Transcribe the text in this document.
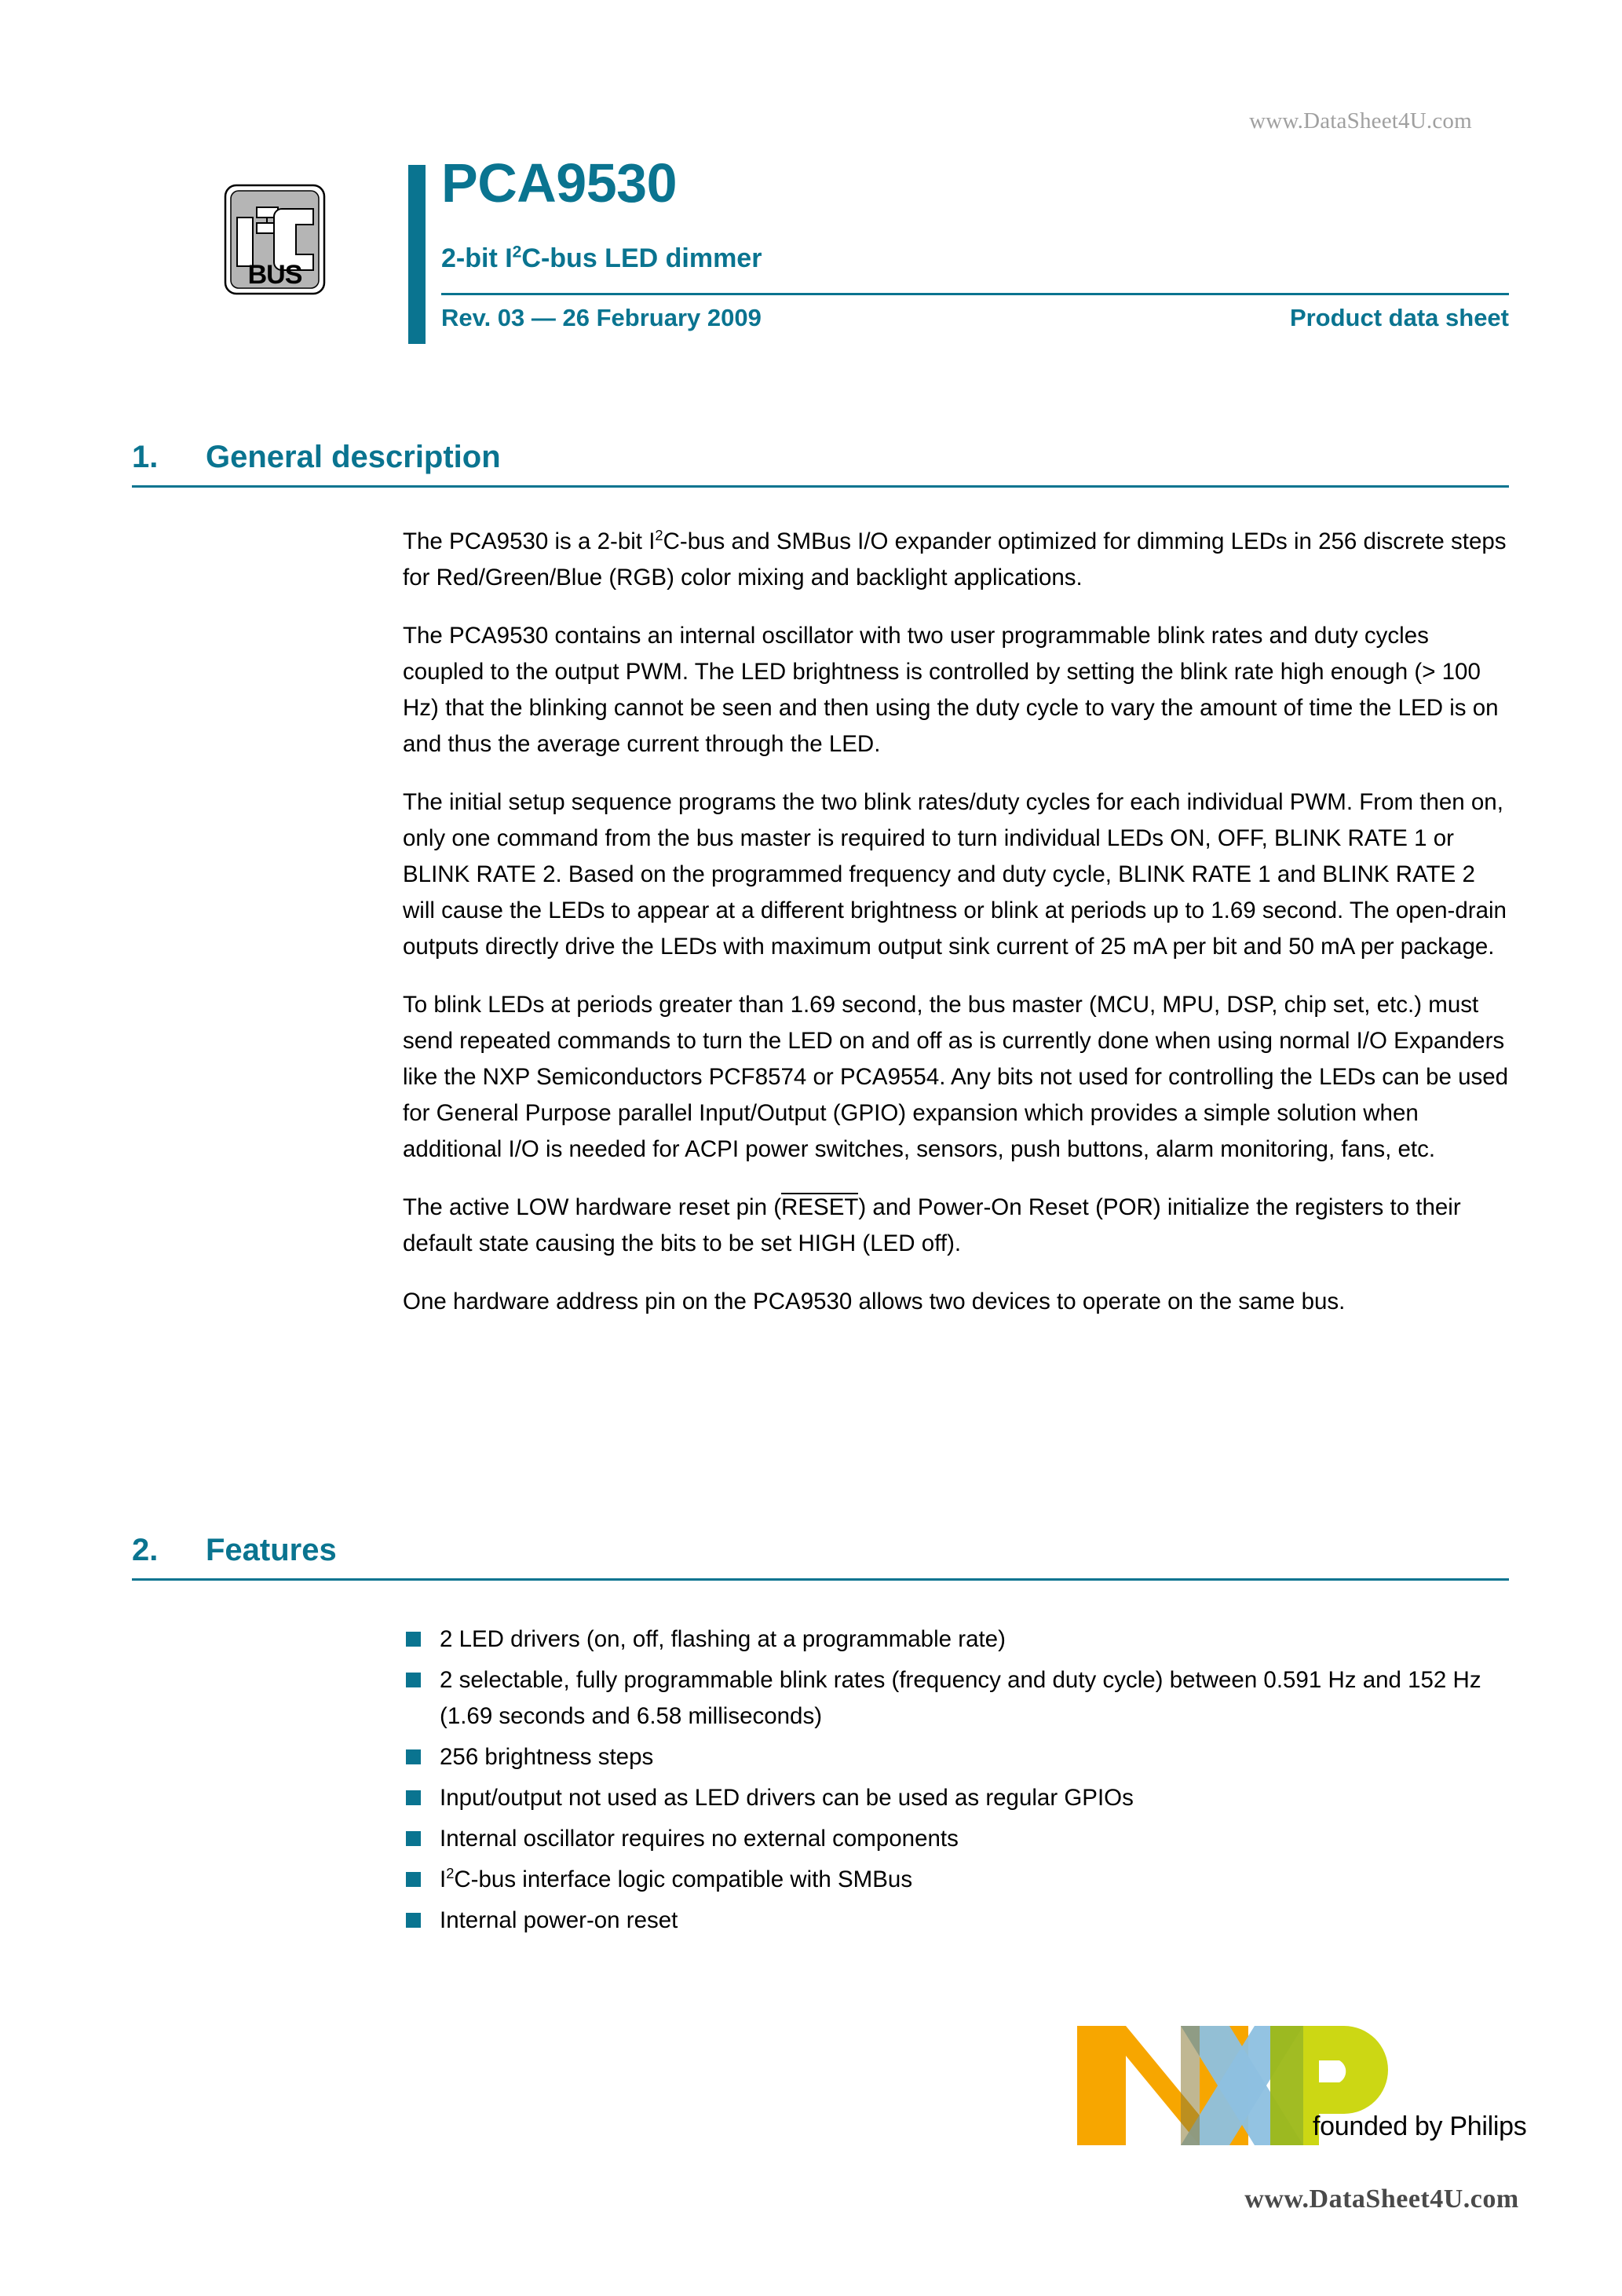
www.DataSheet4U.com
BUS
PCA9530
2-bit $I^2C$-bus LED dimmer
Rev. 03 — 26 February 2009	Product data sheet
1. General description

The PCA9530 is a 2-bit $I^2C$-bus and SMBus I/O expander optimized for dimming LEDs in 256 discrete steps for Red/Green/Blue (RGB) color mixing and backlight applications.

The PCA9530 contains an internal oscillator with two user programmable blink rates and duty cycles coupled to the output PWM. The LED brightness is controlled by setting the blink rate high enough (> 100 Hz) that the blinking cannot be seen and then using the duty cycle to vary the amount of time the LED is on and thus the average current through the LED.

The initial setup sequence programs the two blink rates/duty cycles for each individual PWM. From then on, only one command from the bus master is required to turn individual LEDs ON, OFF, BLINK RATE 1 or BLINK RATE 2. Based on the programmed frequency and duty cycle, BLINK RATE 1 and BLINK RATE 2 will cause the LEDs to appear at a different brightness or blink at periods up to 1.69 second. The open-drain outputs directly drive the LEDs with maximum output sink current of 25 mA per bit and 50 mA per package.

To blink LEDs at periods greater than 1.69 second, the bus master (MCU, MPU, DSP, chip set, etc.) must send repeated commands to turn the LED on and off as is currently done when using normal I/O Expanders like the NXP Semiconductors PCF8574 or PCA9554. Any bits not used for controlling the LEDs can be used for General Purpose parallel Input/Output (GPIO) expansion which provides a simple solution when additional I/O is needed for ACPI power switches, sensors, push buttons, alarm monitoring, fans, etc.

The active LOW hardware reset pin (RESET) and Power-On Reset (POR) initialize the registers to their default state causing the bits to be set HIGH (LED off).

One hardware address pin on the PCA9530 allows two devices to operate on the same bus.

2. Features
2 LED drivers (on, off, flashing at a programmable rate)
2 selectable, fully programmable blink rates (frequency and duty cycle) between 0.591 Hz and 152 Hz (1.69 seconds and 6.58 milliseconds)
256 brightness steps
Input/output not used as LED drivers can be used as regular GPIOs
Internal oscillator requires no external components
$I^2C$-bus interface logic compatible with SMBus
Internal power-on reset
founded by Philips
www.DataSheet4U.com
